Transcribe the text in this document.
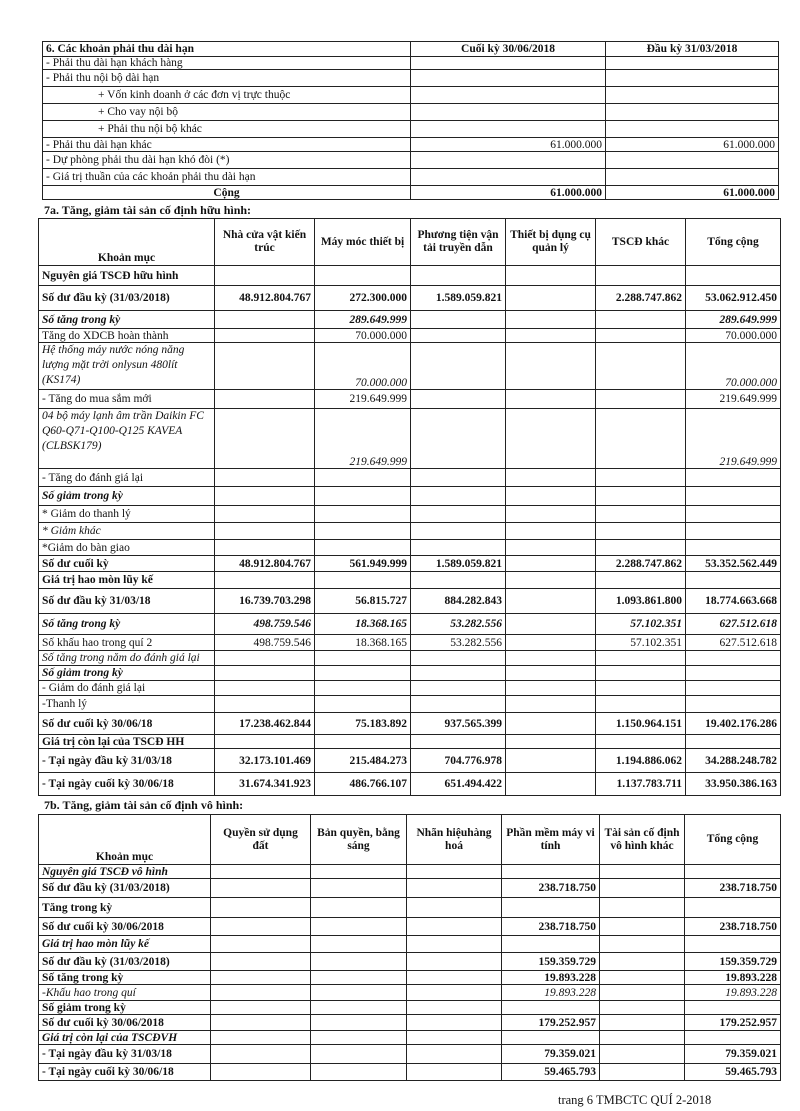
6. Các khoản phải thu dài hạn	Cuối kỳ 30/06/2018	Đầu kỳ 31/03/2018
- Phải thu dài hạn khách hàng		
- Phải thu nội bộ dài hạn		
+ Vốn kinh doanh ở các đơn vị trực thuộc		
+ Cho vay nội bộ		
+ Phải thu nội bộ khác		
- Phải thu dài hạn khác	61.000.000	61.000.000
- Dự phòng phải thu dài hạn khó đòi (*)		
- Giá trị thuần của các khoản phải thu dài hạn		
Cộng	61.000.000	61.000.000
7a. Tăng, giảm tài sản cố định hữu hình:
Khoản mục	Nhà cửa vật kiến trúc	Máy móc thiết bị	Phương tiện vận tải truyền dẫn	Thiết bị dụng cụ quản lý	TSCĐ khác	Tổng cộng
Nguyên giá TSCĐ hữu hình						
Số dư đầu kỳ (31/03/2018)	48.912.804.767	272.300.000	1.589.059.821		2.288.747.862	53.062.912.450
Số tăng trong kỳ		289.649.999				289.649.999
Tăng do XDCB hoàn thành		70.000.000				70.000.000
Hệ thống máy nước nóng năng lượng mặt trời onlysun 480lít (KS174)		70.000.000				70.000.000
- Tăng do mua sắm mới		219.649.999				219.649.999
04 bộ máy lạnh âm trần Daikin FC Q60-Q71-Q100-Q125 KAVEA (CLBSK179)		219.649.999				219.649.999
- Tăng do đánh giá lại						
Số giảm trong kỳ						
* Giảm do thanh lý						
* Giảm khác						
*Giảm do bàn giao						
Số dư cuối kỳ	48.912.804.767	561.949.999	1.589.059.821		2.288.747.862	53.352.562.449
Giá trị hao mòn lũy kế						
Số dư đầu kỳ 31/03/18	16.739.703.298	56.815.727	884.282.843		1.093.861.800	18.774.663.668
Số tăng trong kỳ	498.759.546	18.368.165	53.282.556		57.102.351	627.512.618
Số khấu hao trong quí 2	498.759.546	18.368.165	53.282.556		57.102.351	627.512.618
Số tăng trong năm do đánh giá lại						
Số giảm trong kỳ						
- Giảm do đánh giá lại						
-Thanh lý						
Số dư cuối kỳ 30/06/18	17.238.462.844	75.183.892	937.565.399		1.150.964.151	19.402.176.286
Giá trị còn lại của TSCĐ HH						
- Tại ngày đầu kỳ 31/03/18	32.173.101.469	215.484.273	704.776.978		1.194.886.062	34.288.248.782
- Tại ngày cuối kỳ 30/06/18	31.674.341.923	486.766.107	651.494.422		1.137.783.711	33.950.386.163
7b. Tăng, giảm tài sản cố định vô hình:
Khoản mục	Quyền sử dụng đất	Bản quyền, bằng sáng	Nhãn hiệuhàng hoá	Phần mềm máy vi tính	Tài sản cố định vô hình khác	Tổng cộng
Nguyên giá TSCĐ vô hình						
Số dư đầu kỳ (31/03/2018)				238.718.750		238.718.750
Tăng trong kỳ						
Số dư cuối kỳ 30/06/2018				238.718.750		238.718.750
Giá trị hao mòn lũy kế						
Số dư đầu kỳ (31/03/2018)				159.359.729		159.359.729
Số tăng trong kỳ				19.893.228		19.893.228
-Khấu hao trong quí				19.893.228		19.893.228
Số giảm trong kỳ						
Số dư cuối kỳ 30/06/2018				179.252.957		179.252.957
Giá trị còn lại của TSCĐVH						
- Tại ngày đầu kỳ 31/03/18				79.359.021		79.359.021
- Tại ngày cuối kỳ 30/06/18				59.465.793		59.465.793
trang 6 TMBCTC QUÍ 2-2018
